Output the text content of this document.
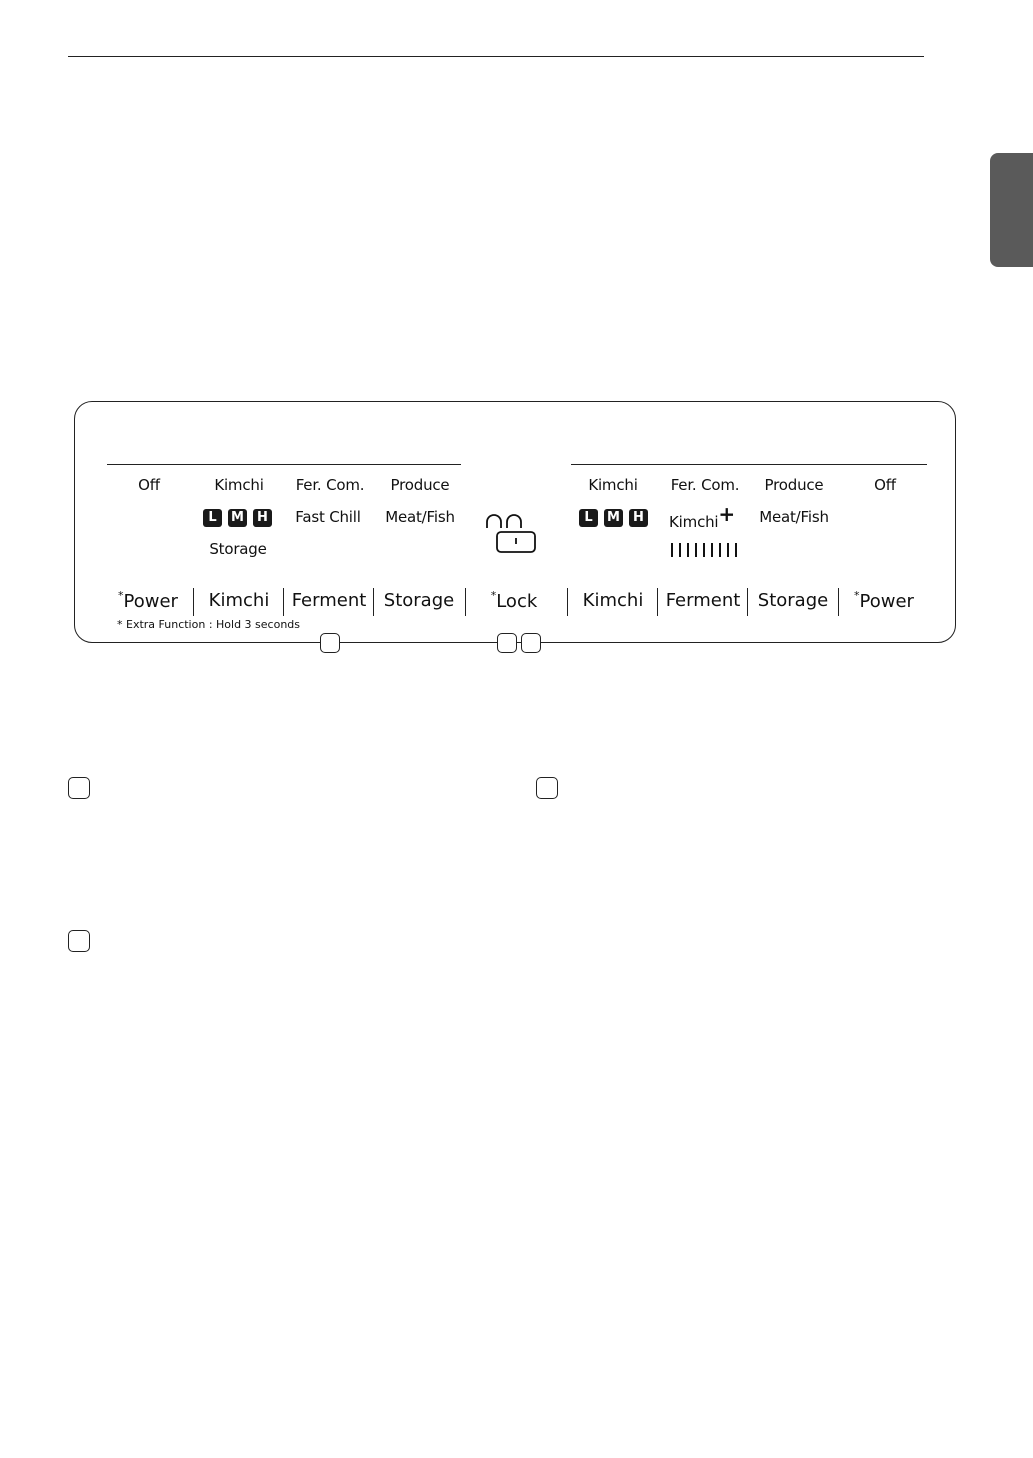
Off	Kimchi	Fer. Com.	Produce
L	M	H	Fast Chill	Meat/Fish
Storage
Kimchi	Fer. Com.	Produce	Off
L	M	H	Kimchi+	Meat/Fish
*Power	Kimchi	Ferment Storage	*Lock	Kimchi	Ferment Storage	*Power
* Extra Function : Hold 3 seconds
